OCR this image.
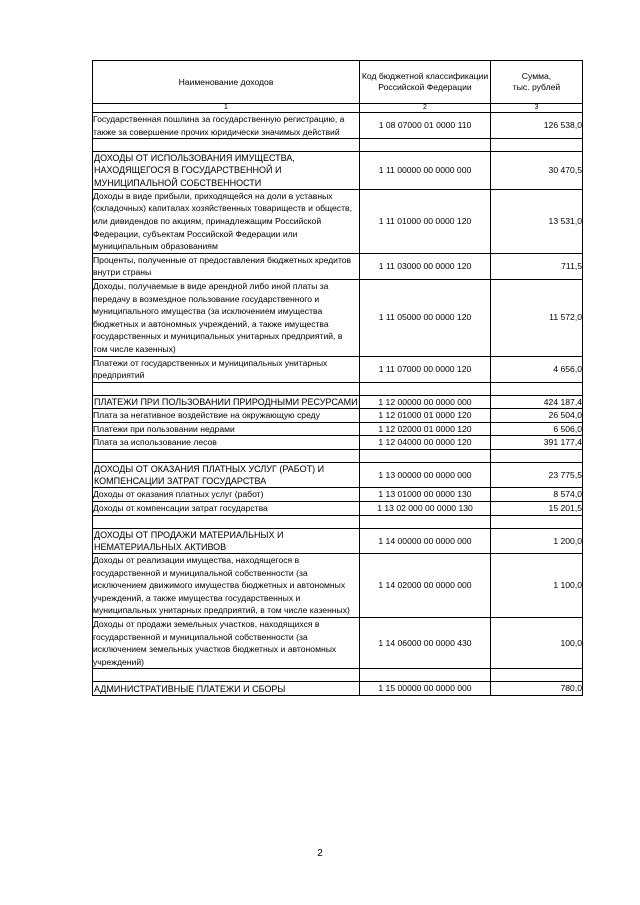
Наименование доходов	Код бюджетной классификации Российской Федерации	Сумма,
тыс. рублей
1	2	3
Государственная пошлина за государственную регистрацию, а также за совершение прочих юридически значимых действий	1 08 07000 01 0000 110	126 538,0

ДОХОДЫ ОТ ИСПОЛЬЗОВАНИЯ ИМУЩЕСТВА, НАХОДЯЩЕГОСЯ В ГОСУДАРСТВЕННОЙ И МУНИЦИПАЛЬНОЙ СОБСТВЕННОСТИ	1 11 00000 00 0000 000	30 470,5
Доходы в виде прибыли, приходящейся на доли в уставных (складочных) капиталах хозяйственных товариществ и обществ, или дивидендов по акциям, принадлежащим Российской Федерации, субъектам Российской Федерации или муниципальным образованиям	1 11 01000 00 0000 120	13 531,0
Проценты, полученные от предоставления бюджетных кредитов внутри страны	1 11 03000 00 0000 120	711,5
Доходы, получаемые в виде арендной либо иной платы за передачу в возмездное пользование государственного и муниципального имущества (за исключением имущества бюджетных и автономных учреждений, а также имущества государственных и муниципальных унитарных предприятий, в том числе казенных)	1 11 05000 00 0000 120	11 572,0
Платежи от государственных и муниципальных унитарных предприятий	1 11 07000 00 0000 120	4 656,0

ПЛАТЕЖИ ПРИ ПОЛЬЗОВАНИИ ПРИРОДНЫМИ РЕСУРСАМИ	1 12 00000 00 0000 000	424 187,4
Плата за негативное воздействие на окружающую среду	1 12 01000 01 0000 120	26 504,0
Платежи при пользовании недрами	1 12 02000 01 0000 120	6 506,0
Плата за использование лесов	1 12 04000 00 0000 120	391 177,4

ДОХОДЫ ОТ ОКАЗАНИЯ ПЛАТНЫХ УСЛУГ (РАБОТ) И КОМПЕНСАЦИИ ЗАТРАТ ГОСУДАРСТВА	1 13 00000 00 0000 000	23 775,5
Доходы от оказания платных услуг (работ)	1 13 01000 00 0000 130	8 574,0
Доходы от компенсации затрат государства	1 13 02 000 00 0000 130	15 201,5

ДОХОДЫ ОТ ПРОДАЖИ МАТЕРИАЛЬНЫХ И НЕМАТЕРИАЛЬНЫХ АКТИВОВ	1 14 00000 00 0000 000	1 200,0
Доходы от реализации имущества, находящегося в государственной и муниципальной собственности (за исключением движимого имущества бюджетных и автономных учреждений, а также имущества государственных и муниципальных унитарных предприятий, в том числе казенных)	1 14 02000 00 0000 000	1 100,0
Доходы от продажи земельных участков, находящихся в государственной и муниципальной собственности (за исключением земельных участков бюджетных и автономных учреждений)	1 14 06000 00 0000 430	100,0

АДМИНИСТРАТИВНЫЕ ПЛАТЕЖИ И СБОРЫ	1 15 00000 00 0000 000	780,0
2
